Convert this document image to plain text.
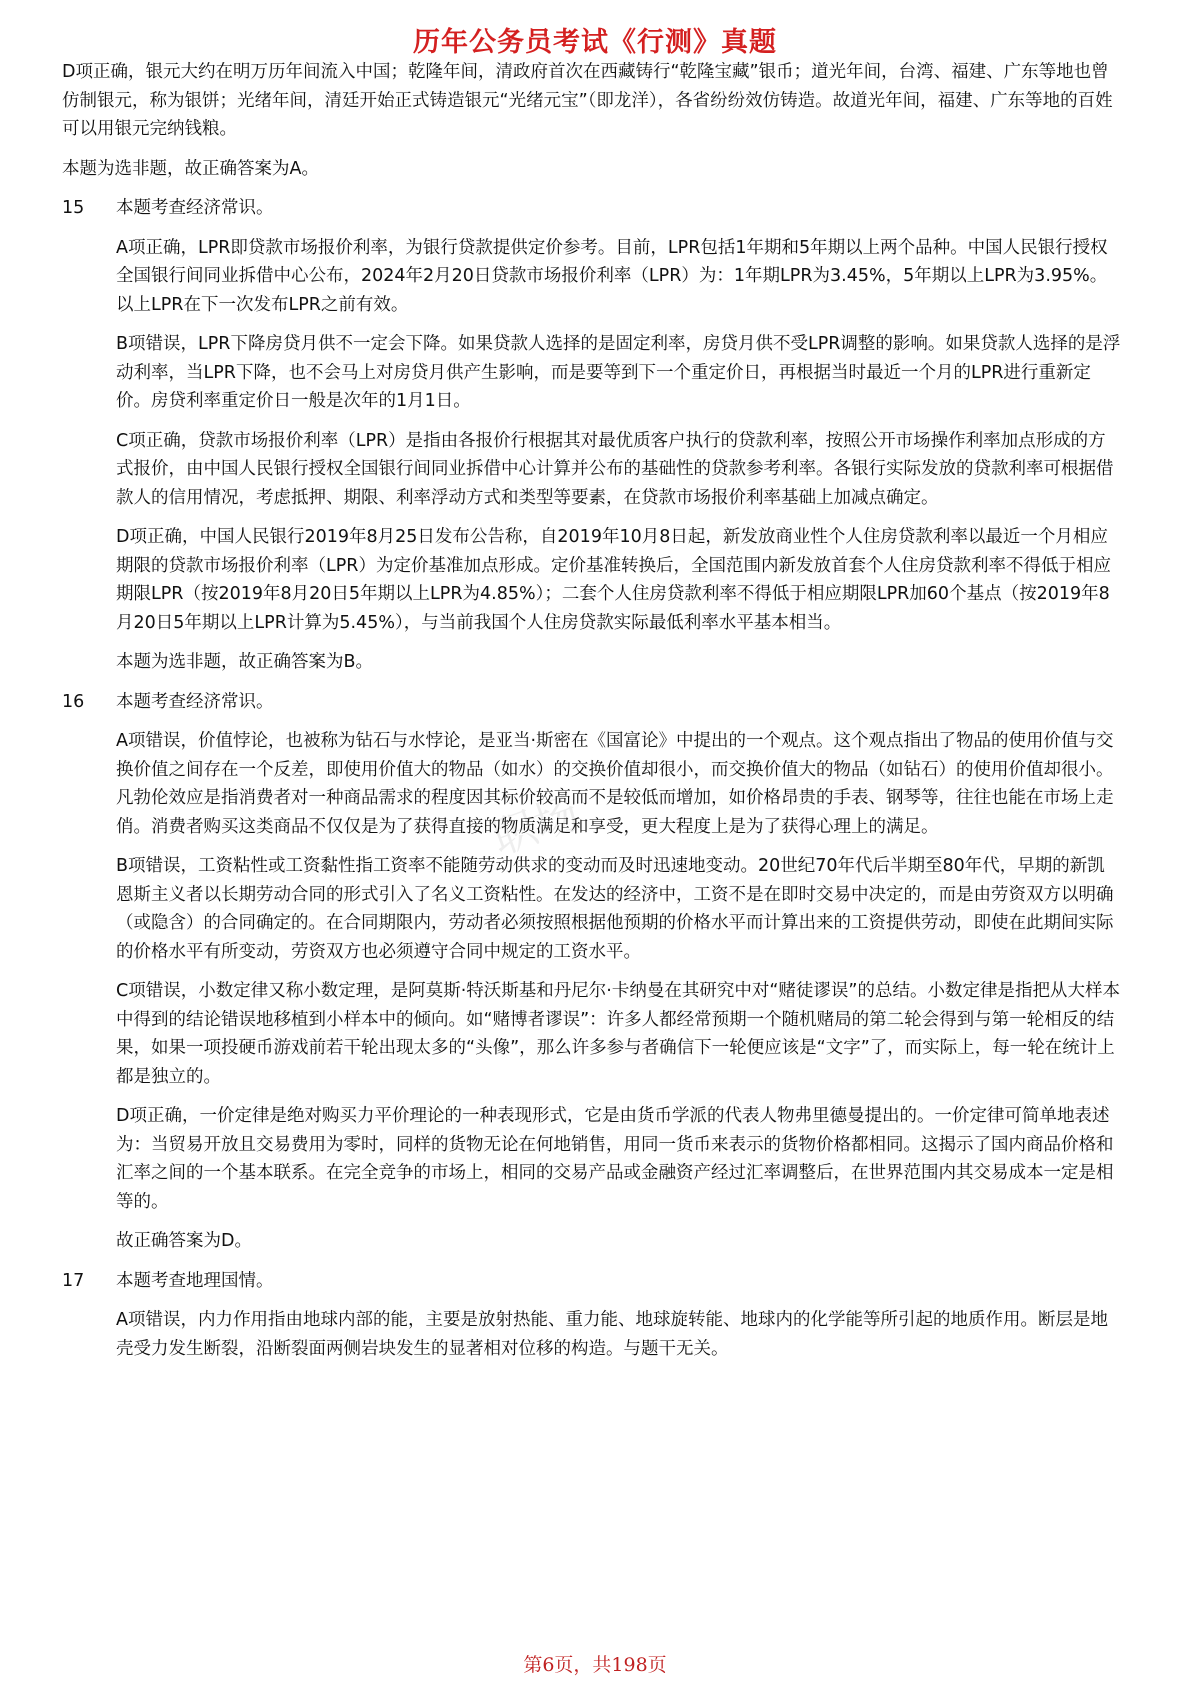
历年公务员考试《行测》真题
职场

D项正确，银元大约在明万历年间流入中国；乾隆年间，清政府首次在西藏铸行“乾隆宝藏”银币；道光年间，台湾、福建、广东等地也曾仿制银元，称为银饼；光绪年间，清廷开始正式铸造银元“光绪元宝”（即龙洋），各省纷纷效仿铸造。故道光年间，福建、广东等地的百姓可以用银元完纳钱粮。

本题为选非题，故正确答案为A。

15	本题考查经济常识。

A项正确，LPR即贷款市场报价利率，为银行贷款提供定价参考。目前，LPR包括1年期和5年期以上两个品种。中国人民银行授权全国银行间同业拆借中心公布，2024年2月20日贷款市场报价利率（LPR）为：1年期LPR为3.45%，5年期以上LPR为3.95%。以上LPR在下一次发布LPR之前有效。

B项错误，LPR下降房贷月供不一定会下降。如果贷款人选择的是固定利率，房贷月供不受LPR调整的影响。如果贷款人选择的是浮动利率，当LPR下降，也不会马上对房贷月供产生影响，而是要等到下一个重定价日，再根据当时最近一个月的LPR进行重新定价。房贷利率重定价日一般是次年的1月1日。

C项正确，贷款市场报价利率（LPR）是指由各报价行根据其对最优质客户执行的贷款利率，按照公开市场操作利率加点形成的方式报价，由中国人民银行授权全国银行间同业拆借中心计算并公布的基础性的贷款参考利率。各银行实际发放的贷款利率可根据借款人的信用情况，考虑抵押、期限、利率浮动方式和类型等要素，在贷款市场报价利率基础上加减点确定。

D项正确，中国人民银行2019年8月25日发布公告称，自2019年10月8日起，新发放商业性个人住房贷款利率以最近一个月相应期限的贷款市场报价利率（LPR）为定价基准加点形成。定价基准转换后，全国范围内新发放首套个人住房贷款利率不得低于相应期限LPR（按2019年8月20日5年期以上LPR为4.85%）；二套个人住房贷款利率不得低于相应期限LPR加60个基点（按2019年8月20日5年期以上LPR计算为5.45%），与当前我国个人住房贷款实际最低利率水平基本相当。

本题为选非题，故正确答案为B。

16	本题考查经济常识。

A项错误，价值悖论，也被称为钻石与水悖论，是亚当·斯密在《国富论》中提出的一个观点。这个观点指出了物品的使用价值与交换价值之间存在一个反差，即使用价值大的物品（如水）的交换价值却很小，而交换价值大的物品（如钻石）的使用价值却很小。凡勃伦效应是指消费者对一种商品需求的程度因其标价较高而不是较低而增加，如价格昂贵的手表、钢琴等，往往也能在市场上走俏。消费者购买这类商品不仅仅是为了获得直接的物质满足和享受，更大程度上是为了获得心理上的满足。

B项错误，工资粘性或工资黏性指工资率不能随劳动供求的变动而及时迅速地变动。20世纪70年代后半期至80年代，早期的新凯恩斯主义者以长期劳动合同的形式引入了名义工资粘性。在发达的经济中，工资不是在即时交易中决定的，而是由劳资双方以明确（或隐含）的合同确定的。在合同期限内，劳动者必须按照根据他预期的价格水平而计算出来的工资提供劳动，即使在此期间实际的价格水平有所变动，劳资双方也必须遵守合同中规定的工资水平。

C项错误，小数定律又称小数定理，是阿莫斯·特沃斯基和丹尼尔·卡纳曼在其研究中对“赌徒谬误”的总结。小数定律是指把从大样本中得到的结论错误地移植到小样本中的倾向。如“赌博者谬误”：许多人都经常预期一个随机赌局的第二轮会得到与第一轮相反的结果，如果一项投硬币游戏前若干轮出现太多的“头像”，那么许多参与者确信下一轮便应该是“文字”了，而实际上，每一轮在统计上都是独立的。

D项正确，一价定律是绝对购买力平价理论的一种表现形式，它是由货币学派的代表人物弗里德曼提出的。一价定律可简单地表述为：当贸易开放且交易费用为零时，同样的货物无论在何地销售，用同一货币来表示的货物价格都相同。这揭示了国内商品价格和汇率之间的一个基本联系。在完全竞争的市场上，相同的交易产品或金融资产经过汇率调整后，在世界范围内其交易成本一定是相等的。

故正确答案为D。

17	本题考查地理国情。

A项错误，内力作用指由地球内部的能，主要是放射热能、重力能、地球旋转能、地球内的化学能等所引起的地质作用。断层是地壳受力发生断裂，沿断裂面两侧岩块发生的显著相对位移的构造。与题干无关。

第6页，共198页
